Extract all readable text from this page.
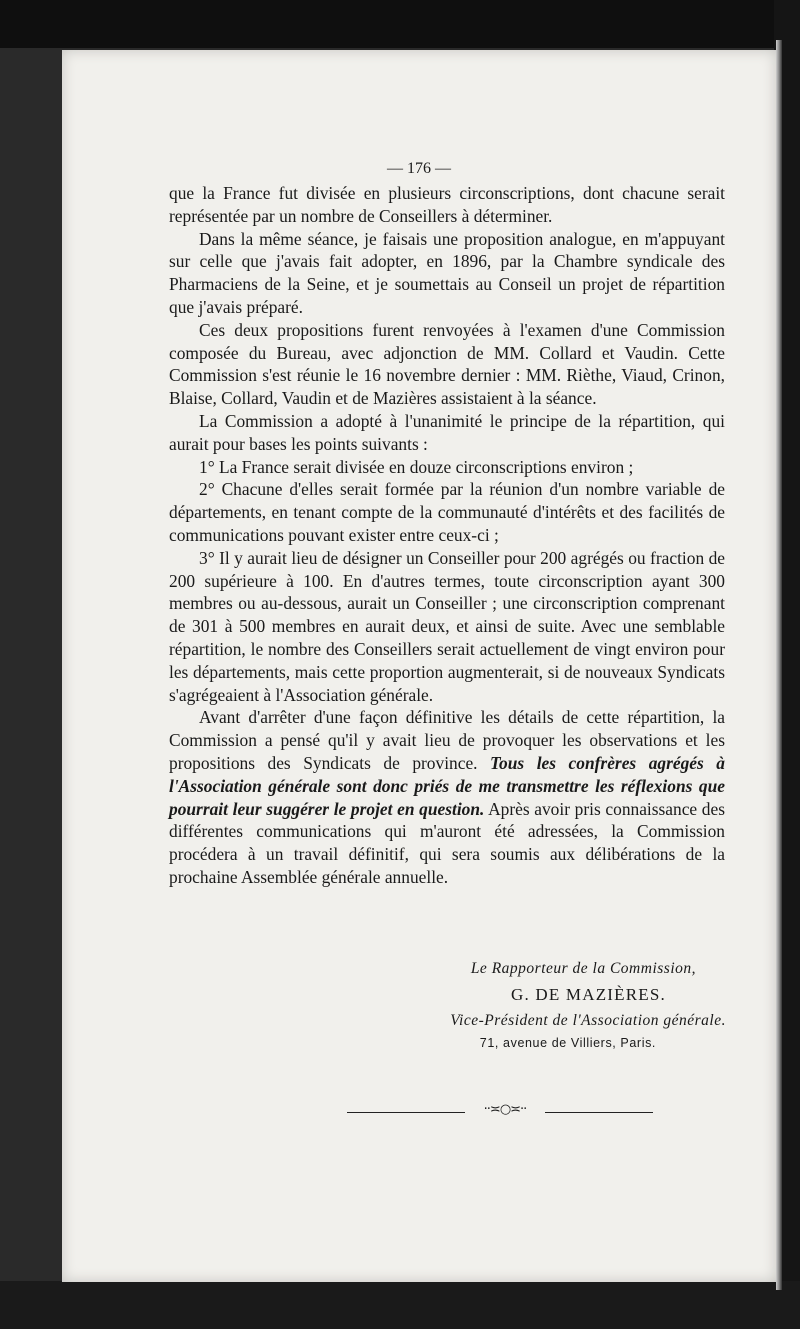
— 176 —

que la France fut divisée en plusieurs circonscriptions, dont chacune serait représentée par un nombre de Conseillers à déterminer.

Dans la même séance, je faisais une proposition analogue, en m'appuyant sur celle que j'avais fait adopter, en 1896, par la Chambre syndicale des Pharmaciens de la Seine, et je soumettais au Conseil un projet de répartition que j'avais préparé.

Ces deux propositions furent renvoyées à l'examen d'une Commission composée du Bureau, avec adjonction de MM. Collard et Vaudin. Cette Commission s'est réunie le 16 novembre dernier : MM. Rièthe, Viaud, Crinon, Blaise, Collard, Vaudin et de Mazières assistaient à la séance.

La Commission a adopté à l'unanimité le principe de la répartition, qui aurait pour bases les points suivants :

1° La France serait divisée en douze circonscriptions environ ;

2° Chacune d'elles serait formée par la réunion d'un nombre variable de départements, en tenant compte de la communauté d'intérêts et des facilités de communications pouvant exister entre ceux-ci ;

3° Il y aurait lieu de désigner un Conseiller pour 200 agrégés ou fraction de 200 supérieure à 100. En d'autres termes, toute circonscription ayant 300 membres ou au-dessous, aurait un Conseiller ; une circonscription comprenant de 301 à 500 membres en aurait deux, et ainsi de suite. Avec une semblable répartition, le nombre des Conseillers serait actuellement de vingt environ pour les départements, mais cette proportion augmenterait, si de nouveaux Syndicats s'agrégeaient à l'Association générale.

Avant d'arrêter d'une façon définitive les détails de cette répartition, la Commission a pensé qu'il y avait lieu de provoquer les observations et les propositions des Syndicats de province. Tous les confrères agrégés à l'Association générale sont donc priés de me transmettre les réflexions que pourrait leur suggérer le projet en question. Après avoir pris connaissance des différentes communications qui m'auront été adressées, la Commission procédera à un travail définitif, qui sera soumis aux délibérations de la prochaine Assemblée générale annuelle.

Le Rapporteur de la Commission,
G. DE MAZIÈRES.
Vice-Président de l'Association générale.
71, avenue de Villiers, Paris.
··≍○≍··
